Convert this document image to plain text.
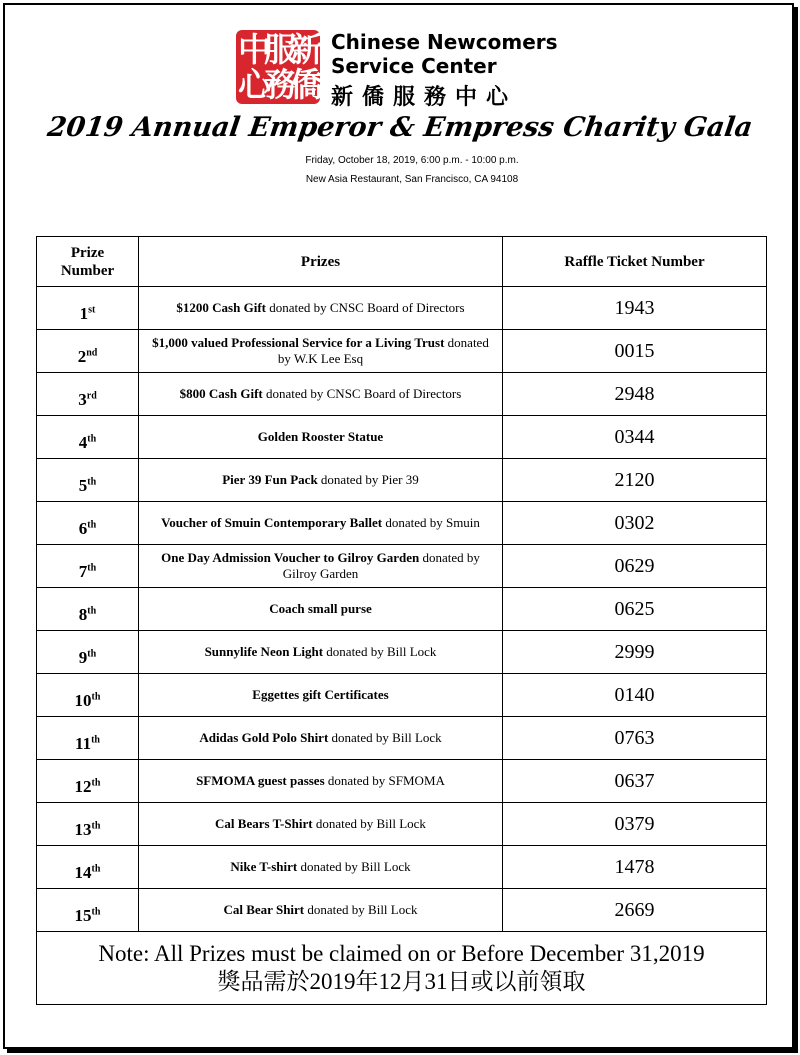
新
服
中
僑
務
心
Chinese Newcomers
Service Center
新僑服務中心
2019 Annual Emperor & Empress Charity Gala
Friday, October 18, 2019, 6:00 p.m. - 10:00 p.m.
New Asia Restaurant, San Francisco, CA 94108
Prize Number	Prizes	Raffle Ticket Number
1st	$1200 Cash Gift donated by CNSC Board of Directors	1943
2nd	$1,000 valued Professional Service for a Living Trust donated by W.K Lee Esq	0015
3rd	$800 Cash Gift donated by CNSC Board of Directors	2948
4th	Golden Rooster Statue	0344
5th	Pier 39 Fun Pack donated by Pier 39	2120
6th	Voucher of Smuin Contemporary Ballet donated by Smuin	0302
7th	One Day Admission Voucher to Gilroy Garden donated by Gilroy Garden	0629
8th	Coach small purse	0625
9th	Sunnylife Neon Light donated by Bill Lock	2999
10th	Eggettes gift Certificates	0140
11th	Adidas Gold Polo Shirt donated by Bill Lock	0763
12th	SFMOMA guest passes donated by SFMOMA	0637
13th	Cal Bears T-Shirt donated by Bill Lock	0379
14th	Nike T-shirt donated by Bill Lock	1478
15th	Cal Bear Shirt donated by Bill Lock	2669

Note: All Prizes must be claimed on or Before December 31,2019
獎品需於2019年12月31日或以前領取		
